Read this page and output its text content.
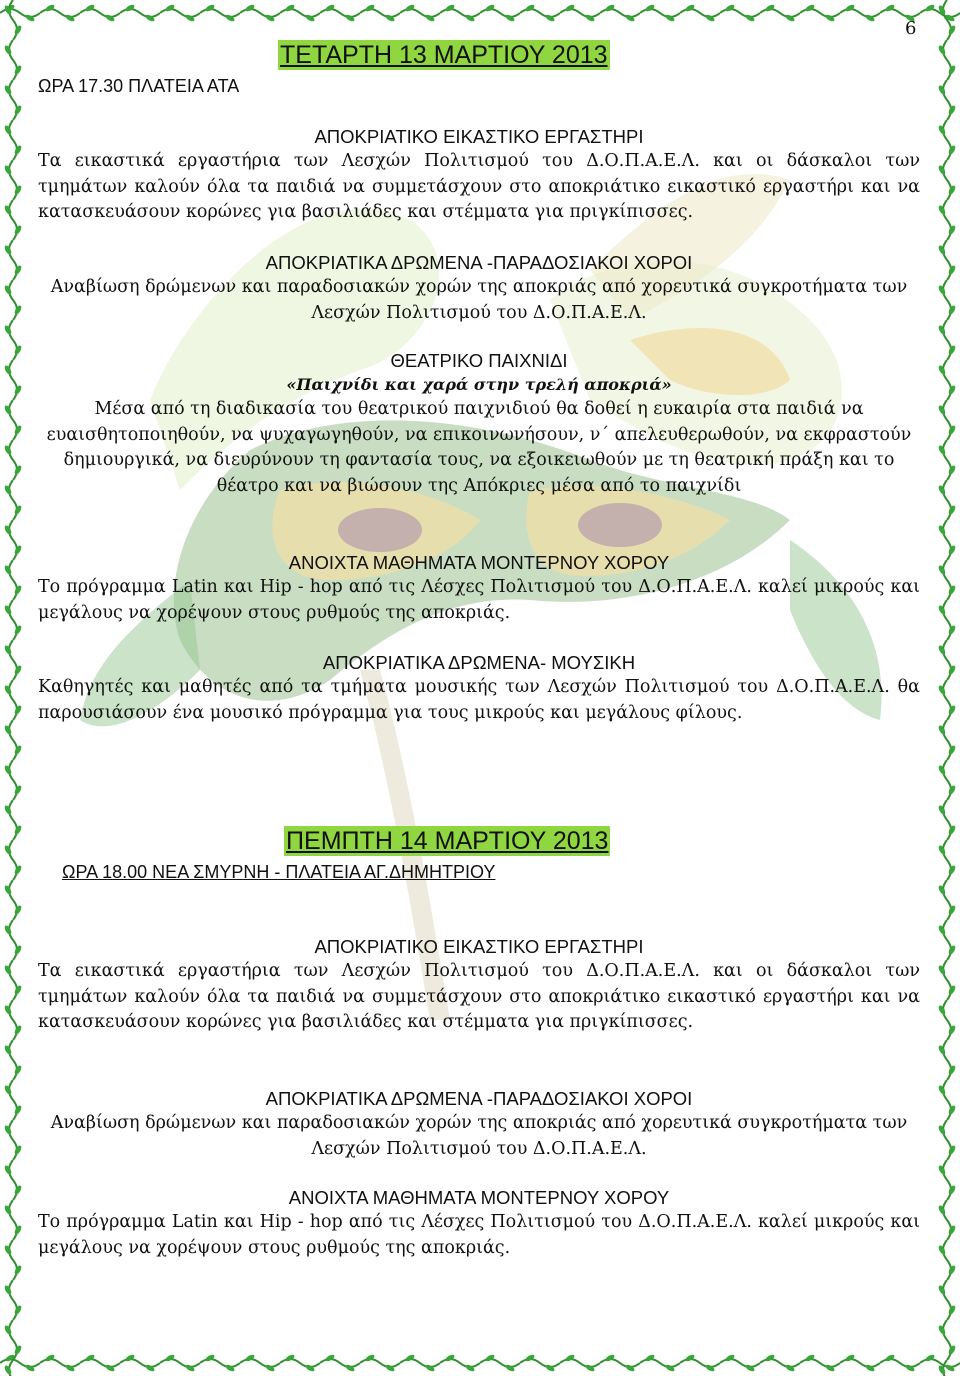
6
ΤΕΤΑΡΤΗ 13 ΜΑΡΤΙΟΥ 2013
ΩΡΑ 17.30 ΠΛΑΤΕΙΑ ΑΤΑ
ΑΠΟΚΡΙΑΤΙΚΟ ΕΙΚΑΣΤΙΚΟ ΕΡΓΑΣΤΗΡΙ
Τα εικαστικά εργαστήρια των Λεσχών Πολιτισμού του Δ.Ο.Π.Α.Ε.Λ. και οι δάσκαλοι των τμημάτων καλούν όλα τα παιδιά να συμμετάσχουν στο αποκριάτικο εικαστικό εργαστήρι και να κατασκευάσουν κορώνες για βασιλιάδες και στέμματα για πριγκίπισσες.
ΑΠΟΚΡΙΑΤΙΚΑ ΔΡΩΜΕΝΑ -ΠΑΡΑΔΟΣΙΑΚΟΙ ΧΟΡΟΙ
Αναβίωση δρώμενων και παραδοσιακών χορών της αποκριάς από χορευτικά συγκροτήματα των Λεσχών Πολιτισμού του Δ.Ο.Π.Α.Ε.Λ.
ΘΕΑΤΡΙΚΟ ΠΑΙΧΝΙΔΙ
«Παιχνίδι και χαρά στην τρελή αποκριά»
Μέσα από τη διαδικασία του θεατρικού παιχνιδιού θα δοθεί η ευκαιρία στα παιδιά να ευαισθητοποιηθούν, να ψυχαγωγηθούν, να επικοινωνήσουν, ν΄ απελευθερωθούν, να εκφραστούν δημιουργικά, να διευρύνουν τη φαντασία τους, να εξοικειωθούν με τη θεατρική πράξη και το θέατρο και να βιώσουν της Απόκριες μέσα από το παιχνίδι
ΑΝΟΙΧΤΑ ΜΑΘΗΜΑΤΑ ΜΟΝΤΕΡΝΟΥ ΧΟΡΟΥ
Το πρόγραμμα Latin και Hip - hop από τις Λέσχες Πολιτισμού του Δ.Ο.Π.Α.Ε.Λ. καλεί μικρούς και μεγάλους να χορέψουν στους ρυθμούς της αποκριάς.
ΑΠΟΚΡΙΑΤΙΚΑ ΔΡΩΜΕΝΑ- ΜΟΥΣΙΚΗ
Καθηγητές και μαθητές από τα τμήματα μουσικής των Λεσχών Πολιτισμού του Δ.Ο.Π.Α.Ε.Λ. θα παρουσιάσουν ένα μουσικό πρόγραμμα για τους μικρούς και μεγάλους φίλους.
ΠΕΜΠΤΗ 14 ΜΑΡΤΙΟΥ 2013
ΩΡΑ 18.00 ΝΕΑ ΣΜΥΡΝΗ - ΠΛΑΤΕΙΑ ΑΓ.ΔΗΜΗΤΡΙΟΥ
ΑΠΟΚΡΙΑΤΙΚΟ ΕΙΚΑΣΤΙΚΟ ΕΡΓΑΣΤΗΡΙ
Τα εικαστικά εργαστήρια των Λεσχών Πολιτισμού του Δ.Ο.Π.Α.Ε.Λ. και οι δάσκαλοι των τμημάτων καλούν όλα τα παιδιά να συμμετάσχουν στο αποκριάτικο εικαστικό εργαστήρι και να κατασκευάσουν κορώνες για βασιλιάδες και στέμματα για πριγκίπισσες.
ΑΠΟΚΡΙΑΤΙΚΑ ΔΡΩΜΕΝΑ -ΠΑΡΑΔΟΣΙΑΚΟΙ ΧΟΡΟΙ
Αναβίωση δρώμενων και παραδοσιακών χορών της αποκριάς από χορευτικά συγκροτήματα των Λεσχών Πολιτισμού του Δ.Ο.Π.Α.Ε.Λ.
ΑΝΟΙΧΤΑ ΜΑΘΗΜΑΤΑ ΜΟΝΤΕΡΝΟΥ ΧΟΡΟΥ
Το πρόγραμμα Latin και Hip - hop από τις Λέσχες Πολιτισμού του Δ.Ο.Π.Α.Ε.Λ. καλεί μικρούς και μεγάλους να χορέψουν στους ρυθμούς της αποκριάς.
